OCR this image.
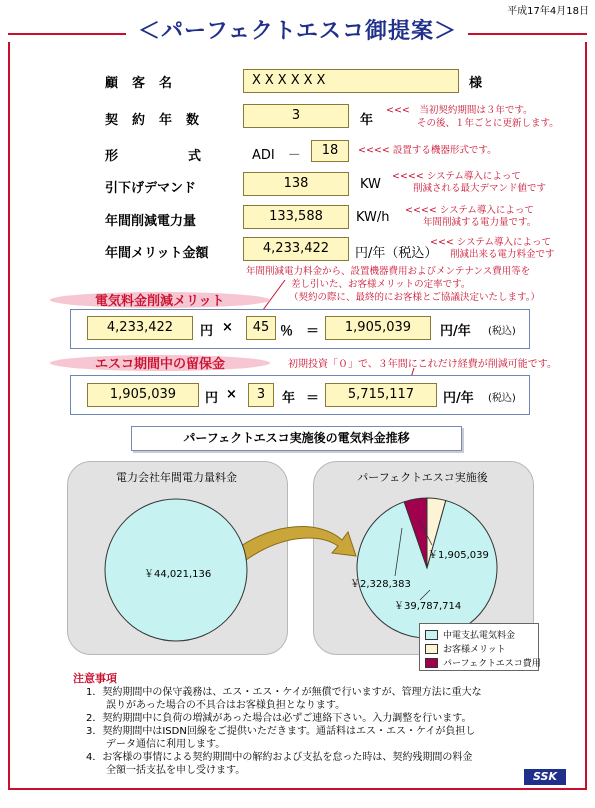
平成17年4月18日
＜パーフェクトエスコ御提案＞
顧客名	XXXXXX	様
契約年数	3	年
<<<　当初契約期間は３年です。
その後、１年ごとに更新します。
形	式	ADI　－	18	<<<< 設置する機器形式です。
引下げデマンド	138	KW
<<<< システム導入によって
削減される最大デマンド値です
年間削減電力量	133,588	KW/h <<<< システム導入によって
年間削減する電力量です。
年間メリット金額	4,233,422	円/年（税込）
<<< システム導入によって
削減出来る電力料金です
年間削減電力料金から、設置機器費用およびメンテナンス費用等を
差し引いた、お客様メリットの定率です。
（契約の際に、最終的にお客様とご協議決定いたします。）
電気料金削減メリット
4,233,422	円 ×	45 ％ ＝	1,905,039	円/年 (税込)
エスコ期間中の留保金	初期投資「０」で、３年間にこれだけ経費が削減可能です。
1,905,039	円 ×	3	年 ＝	5,715,117	円/年 (税込)
パーフェクトエスコ実施後の電気料金推移
電力会社年間電力量料金	パーフェクトエスコ実施後
￥44,021,136
￥1,905,039
￥2,328,383
￥39,787,714
中電支払電気料金
お客様メリット
パーフェクトエスコ費用
注意事項
1．契約期間中の保守義務は、エス・エス・ケイが無償で行いますが、管理方法に重大な
　　誤りがあった場合の不具合はお客様負担となります。
2．契約期間中に負荷の増減があった場合は必ずご連絡下さい。入力調整を行います。
3．契約期間中はISDN回線をご提供いただきます。通話料はエス・エス・ケイが負担し
　　データ通信に利用します。
4．お客様の事情による契約期間中の解約および支払を怠った時は、契約残期間の料金
　　全額一括支払を申し受けます。	SSK
